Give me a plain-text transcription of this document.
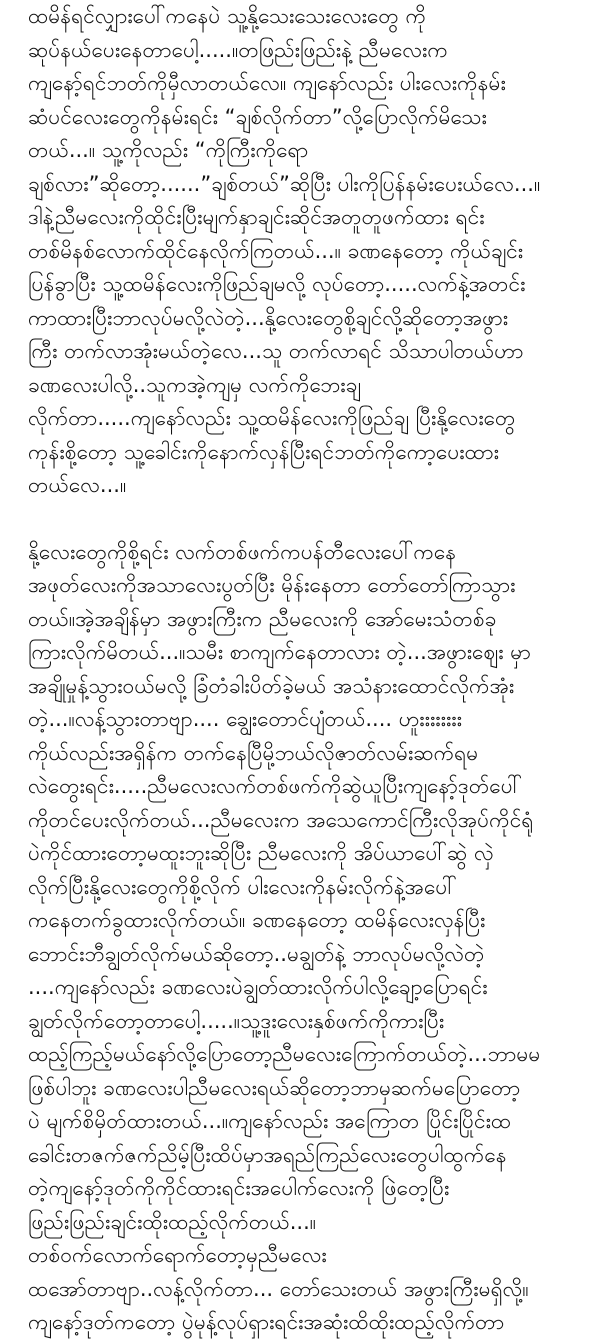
ထမိန်ရင်လျှားပေါ်ကနေပဲ သူ့နို့သေးသေးလေးတွေ ကို
ဆုပ်နယ်ပေးနေတာပေါ့.....။တဖြည်းဖြည်းနဲ့ ညီမလေးက
ကျနော့်ရင်ဘတ်ကိုမှီလာတယ်လေ။ ကျနော်လည်း ပါးလေးကိုနမ်း
ဆံပင်လေးတွေကိုနမ်းရင်း “ချစ်လိုက်တာ”လို့ပြောလိုက်မိသေး
တယ်...။ သူ့ကိုလည်း “ကိုကြီးကိုရော
ချစ်လား”ဆိုတော့......”ချစ်တယ်”ဆိုပြီး ပါးကိုပြန်နမ်းပေးယ်လေ...။
ဒါနဲ့ညီမလေးကိုထိုင်းပြီးမျက်နှာချင်းဆိုင်အတူတူဖက်ထား ရင်း
တစ်မိနစ်လောက်ထိုင်နေလိုက်ကြတယ်...။ ခဏနေတော့ ကိုယ်ချင်း
ပြန်ခွာပြီး သူ့ထမိန်လေးကိုဖြည်ချမလို့ လုပ်တော့.....လက်နဲ့အတင်း
ကာထားပြီးဘာလုပ်မလို့လဲတဲ့...နို့လေးတွေစို့ချင်လို့ဆိုတော့အဖွား
ကြီး တက်လာအုံးမယ်တဲ့လေ...သူ တက်လာရင် သိသာပါတယ်ဟာ
ခဏလေးပါလို့..သူကအဲ့ကျမှ လက်ကိုဘေးချ
လိုက်တာ.....ကျနော်လည်း သူ့ထမိန်လေးကိုဖြည်ချ ပြီးနို့လေးတွေ
ကုန်းစို့တော့ သူ့ခေါင်းကိုနောက်လှန်ပြီးရင်ဘတ်ကိုကော့ပေးထား
တယ်လေ...။
နို့လေးတွေကိုစို့ရင်း လက်တစ်ဖက်ကပန်တီလေးပေါ်ကနေ
အဖုတ်လေးကိုအသာလေးပွတ်ပြီး မိုန်းနေတာ တော်တော်ကြာသွား
တယ်။အဲ့အချိန်မှာ အဖွားကြီးက ညီမလေးကို အော်မေးသံတစ်ခု
ကြားလိုက်မိတယ်...။သမီး စာကျက်နေတာလား တဲ့...အဖွားဈေး မှာ
အချိုမှုန့်သွားဝယ်မလို့ ခြံတံခါးပိတ်ခဲ့မယ် အသံနားထောင်လိုက်အုံး
တဲ့...။လန့်သွားတာဗျာ.... ချွေးတောင်ပျံတယ်.... ဟူးးးးးးးး
ကိုယ်လည်းအရှိန်က တက်နေပြီမို့ဘယ်လိုဇာတ်လမ်းဆက်ရမ
လဲတွေးရင်း.....ညီမလေးလက်တစ်ဖက်ကိုဆွဲယူပြီးကျနော့်ဒုတ်ပေါ်
ကိုတင်ပေးလိုက်တယ်...ညီမလေးက အသေကောင်ကြီးလိုအုပ်ကိုင်ရုံ
ပဲကိုင်ထားတော့မထူးဘူးဆိုပြီး ညီမလေးကို အိပ်ယာပေါ်ဆွဲ လှဲ
လိုက်ပြီးနို့လေးတွေကိုစို့လိုက် ပါးလေးကိုနမ်းလိုက်နဲ့အပေါ်
ကနေတက်ခွထားလိုက်တယ်။ ခဏနေတော့ ထမိန်လေးလှန်ပြီး
ဘောင်းဘီချွတ်လိုက်မယ်ဆိုတော့..မချွတ်နဲ့ ဘာလုပ်မလို့လဲတဲ့
....ကျနော်လည်း ခဏလေးပဲချွတ်ထားလိုက်ပါလို့ချော့ပြောရင်း
ချွတ်လိုက်တော့တာပေါ့.....။သူ့ဒူးလေးနှစ်ဖက်ကိုကားပြီး
ထည့်ကြည့်မယ်နော်လို့ပြောတော့ညီမလေးကြောက်တယ်တဲ့...ဘာမမ
ဖြစ်ပါဘူး ခဏလေးပါညီမလေးရယ်ဆိုတော့ဘာမှဆက်မပြောတော့
ပဲ မျက်စိမှိတ်ထားတယ်...။ကျနော်လည်း အကြောတ ပြိုင်းပြိုင်းထ
ခေါင်းတဇက်ဇက်ညိမ့်ပြီးထိပ်မှာအရည်ကြည်လေးတွေပါထွက်နေ
တဲ့ကျနော့်ဒုတ်ကိုကိုင်ထားရင်းအပေါက်လေးကို ဖြဲတေ့ပြီး
ဖြည်းဖြည်းချင်းထိုးထည့်လိုက်တယ်...။
တစ်ဝက်လောက်ရောက်တော့မှညီမလေး
ထအော်တာဗျာ..လန့်လိုက်တာ... တော်သေးတယ် အဖွားကြီးမရှိလို့။
ကျနော့်ဒုတ်ကတော့ ပွဲမုန့်လုပ်ရှားရင်းအဆုံးထိထိုးထည့်လိုက်တာ
